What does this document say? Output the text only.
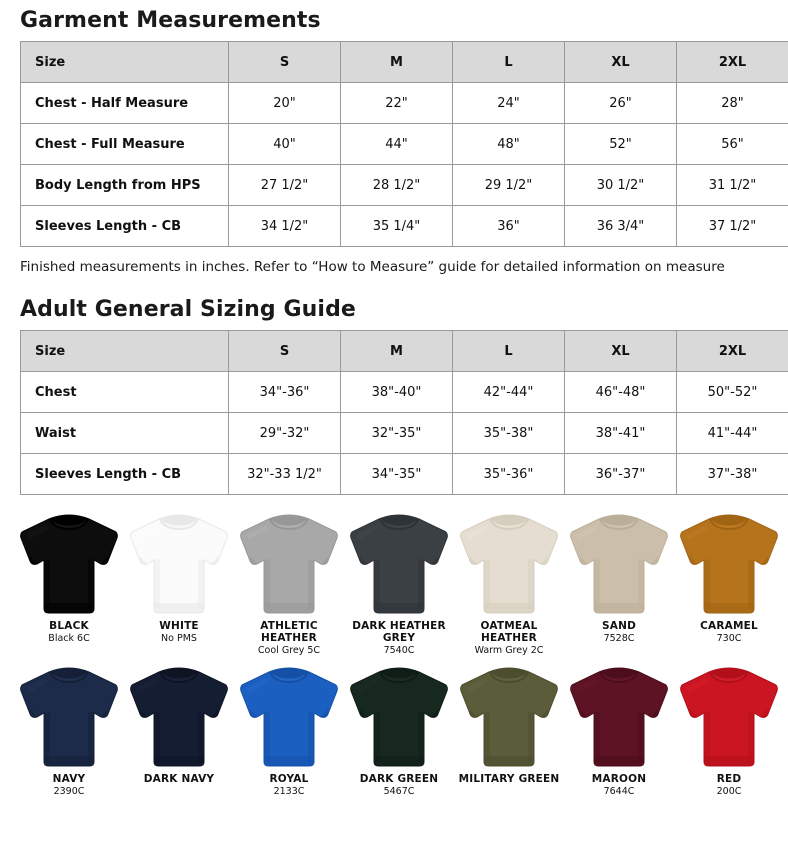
Garment Measurements
Size	S	M	L	XL	2XL
Chest - Half Measure	20"	22"	24"	26"	28"
Chest - Full Measure	40"	44"	48"	52"	56"
Body Length from HPS	27 1/2"	28 1/2"	29 1/2"	30 1/2"	31 1/2"
Sleeves Length - CB	34 1/2"	35 1/4"	36"	36 3/4"	37 1/2"

Finished measurements in inches. Refer to “How to Measure” guide for detailed information on measure

Adult General Sizing Guide
Size	S	M	L	XL	2XL
Chest	34"-36"	38"-40"	42"-44"	46"-48"	50"-52"
Waist	29"-32"	32"-35"	35"-38"	38"-41"	41"-44"
Sleeves Length - CB	32"-33 1/2"	34"-35"	35"-36"	36"-37"	37"-38"
BLACK
Black 6C
WHITE
No PMS
ATHLETIC HEATHER
Cool Grey 5C
DARK HEATHER GREY
7540C
OATMEAL HEATHER
Warm Grey 2C
SAND
7528C
CARAMEL
730C
NAVY
2390C
DARK NAVY	ROYAL
2133C
DARK GREEN
5467C
MILITARY GREEN	MAROON
7644C
RED
200C
